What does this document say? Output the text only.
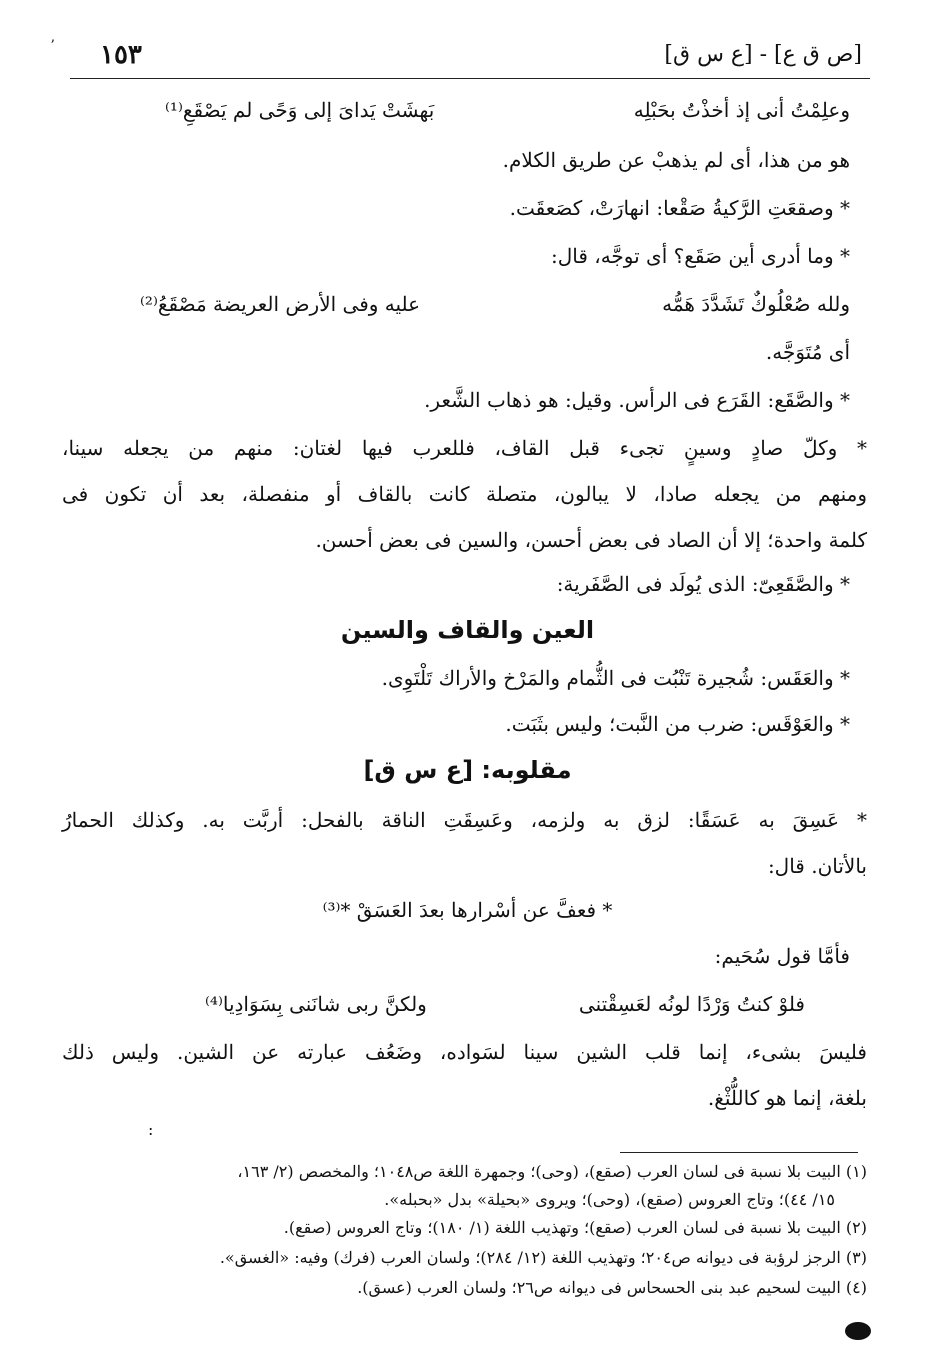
ʼ ١٥٣	[ص ق ع] - [ع س ق]
وعلِمْتُ أنى إذ أخذْتُ بحَبْلِه
بَهشَتْ يَداىَ إلى وَحًى لم يَصْقَعِ⁽¹⁾
هو من هذا، أى لم يذهبْ عن طريق الكلام.
* وصقعَتِ الرَّكيةُ صَقْعا: انهارَتْ، كصَعقَت.
* وما أدرى أين صَقَع؟ أى توجَّه، قال:
ولله صُعْلُوكٌ تَشَدَّدَ هَمُّه
عليه وفى الأرض العريضة مَصْقَعُ⁽²⁾
أى مُتَوَجَّه.
* والصَّقَع: القَرَع فى الرأس. وقيل: هو ذهاب الشَّعر.
* وكلّ صادٍ وسينٍ تجىء قبل القاف، فللعرب فيها لغتان: منهم من يجعله سينا،
ومنهم من يجعله صادا، لا يبالون، متصلة كانت بالقاف أو منفصلة، بعد أن تكون فى
كلمة واحدة؛ إلا أن الصاد فى بعض أحسن، والسين فى بعض أحسن.
* والصَّقَعِىّ: الذى يُولَد فى الصَّفَرية:
العين والقاف والسين
* والعَقَس: شُجيرة تَنْبُت فى الثُّمام والمَرْخ والأراك تَلْتَوِى.
* والعَوْقَس: ضرب من النَّبت؛ وليس بثَبَت.
مقلوبه: [ع س ق]
* عَسِقَ به عَسَقًا: لزق به ولزمه، وعَسِقَتِ الناقة بالفحل: أربَّت به. وكذلك الحمارُ
بالأتان. قال:
* فعفَّ عن أسْرارها بعدَ العَسَقْ *⁽³⁾
فأمَّا قول سُحَيم:
فلوْ كنتُ وَرْدًا لونُه لعَسِقْتنى
ولكنَّ ربى شانَنى بِسَوَادِيا⁽⁴⁾
فليسَ بشىء، إنما قلب الشين سينا لسَواده، وضَعُف عبارته عن الشين. وليس ذلك
بلغة، إنما هو كاللُّثْغ.
:
(١) البيت بلا نسبة فى لسان العرب (صقع)، (وحى)؛ وجمهرة اللغة ص١٠٤٨؛ والمخصص (٢/ ١٦٣،
١٥/ ٤٤)؛ وتاج العروس (صقع)، (وحى)؛ ويروى «بحيلة» بدل «بحبله».
(٢) البيت بلا نسبة فى لسان العرب (صقع)؛ وتهذيب اللغة (١/ ١٨٠)؛ وتاج العروس (صقع).
(٣) الرجز لرؤبة فى ديوانه ص٢٠٤؛ وتهذيب اللغة (١٢/ ٢٨٤)؛ ولسان العرب (فرك) وفيه: «الغسق».
(٤) البيت لسحيم عبد بنى الحسحاس فى ديوانه ص٢٦؛ ولسان العرب (عسق).
